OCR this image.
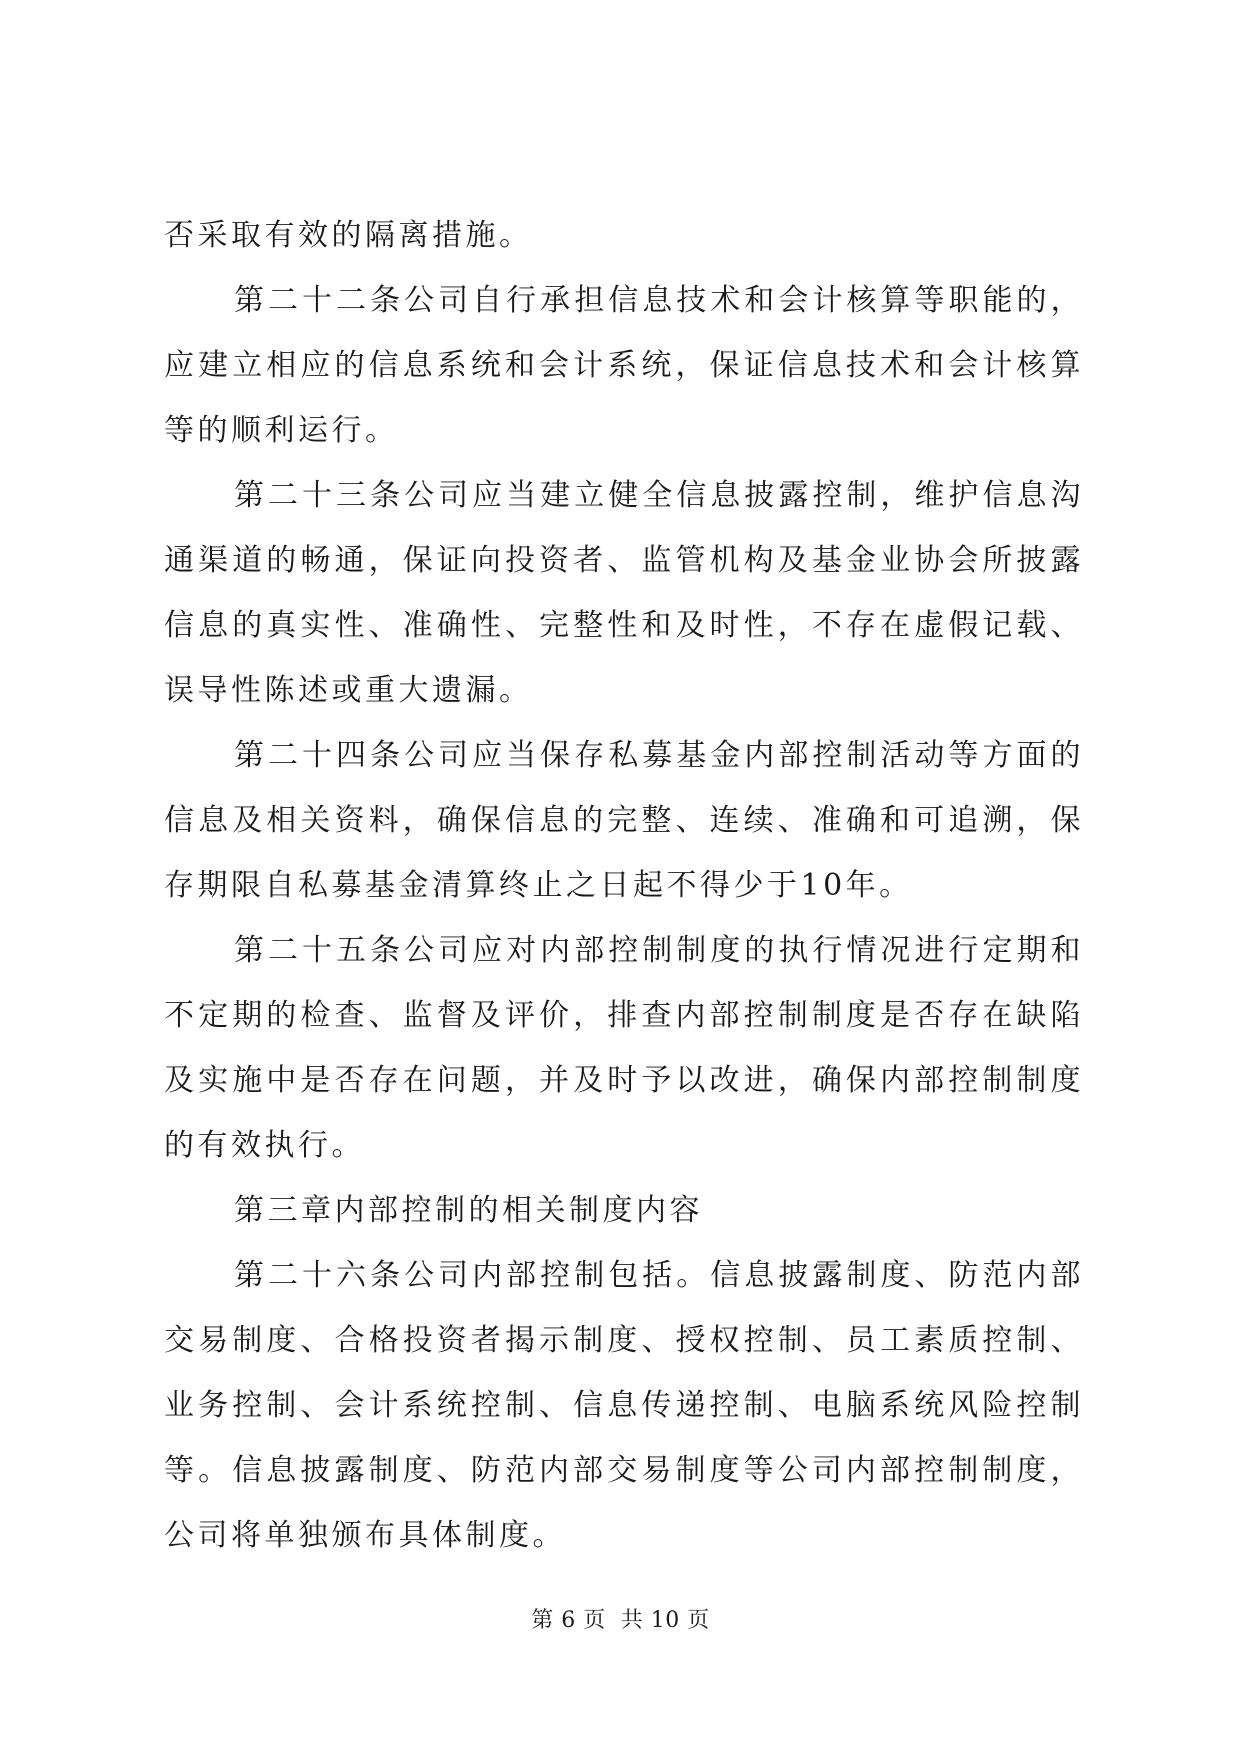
否采取有效的隔离措施。

第二十二条公司自行承担信息技术和会计核算等职能的，应建立相应的信息系统和会计系统，保证信息技术和会计核算等的顺利运行。

第二十三条公司应当建立健全信息披露控制，维护信息沟通渠道的畅通，保证向投资者、监管机构及基金业协会所披露信息的真实性、准确性、完整性和及时性，不存在虚假记载、误导性陈述或重大遗漏。

第二十四条公司应当保存私募基金内部控制活动等方面的信息及相关资料，确保信息的完整、连续、准确和可追溯，保存期限自私募基金清算终止之日起不得少于10年。

第二十五条公司应对内部控制制度的执行情况进行定期和不定期的检查、监督及评价，排查内部控制制度是否存在缺陷及实施中是否存在问题，并及时予以改进，确保内部控制制度的有效执行。

第三章内部控制的相关制度内容

第二十六条公司内部控制包括。信息披露制度、防范内部交易制度、合格投资者揭示制度、授权控制、员工素质控制、业务控制、会计系统控制、信息传递控制、电脑系统风险控制等。信息披露制度、防范内部交易制度等公司内部控制制度，公司将单独颁布具体制度。

第 6 页  共 10 页
